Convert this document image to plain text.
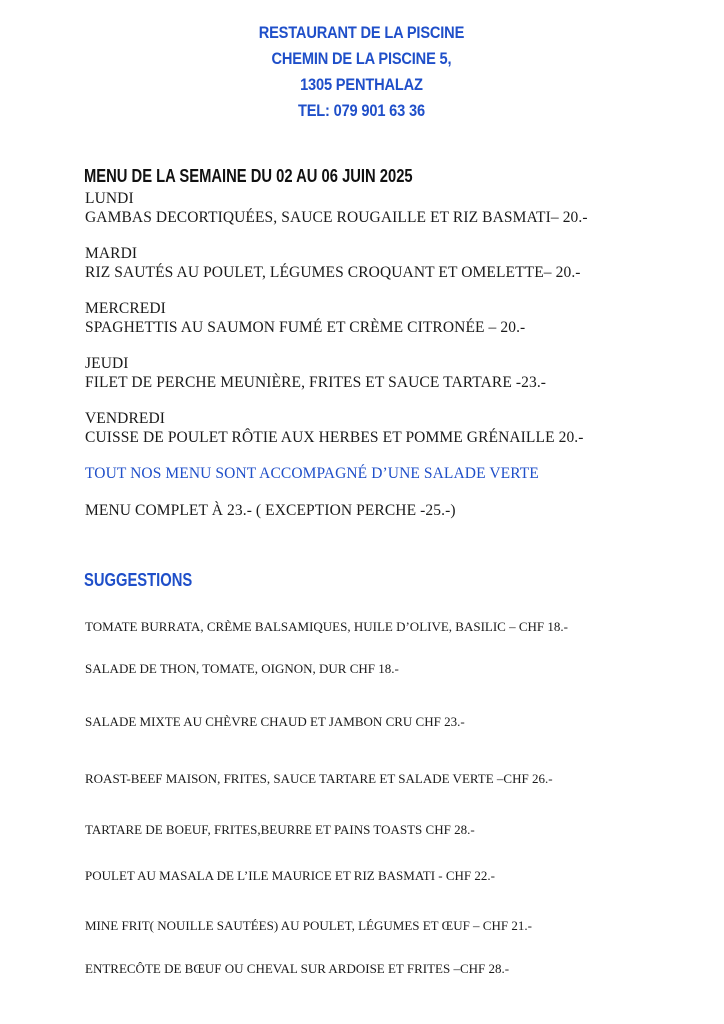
RESTAURANT DE LA PISCINE
CHEMIN DE LA PISCINE 5,
1305 PENTHALAZ
TEL: 079 901 63 36
MENU DE LA SEMAINE DU 02 AU 06 JUIN 2025
LUNDI
GAMBAS DECORTIQUÉES, SAUCE ROUGAILLE ET RIZ BASMATI– 20.-
MARDI
RIZ SAUTÉS AU POULET, LÉGUMES CROQUANT ET OMELETTE– 20.-
MERCREDI
SPAGHETTIS AU SAUMON FUMÉ ET CRÈME CITRONÉE – 20.-
JEUDI
FILET DE PERCHE MEUNIÈRE, FRITES ET SAUCE TARTARE -23.-
VENDREDI
CUISSE DE POULET RÔTIE AUX HERBES ET POMME GRÉNAILLE 20.-
TOUT NOS MENU SONT ACCOMPAGNÉ D’UNE SALADE VERTE
MENU COMPLET À 23.- ( EXCEPTION PERCHE -25.-)
SUGGESTIONS
TOMATE BURRATA, CRÈME BALSAMIQUES, HUILE D’OLIVE, BASILIC – CHF 18.-
SALADE DE THON, TOMATE, OIGNON, DUR CHF 18.-
SALADE MIXTE AU CHÈVRE CHAUD ET JAMBON CRU CHF 23.-
ROAST-BEEF MAISON, FRITES, SAUCE TARTARE ET SALADE VERTE –CHF 26.-
TARTARE DE BOEUF, FRITES,BEURRE ET PAINS TOASTS CHF 28.-
POULET AU MASALA DE L’ILE MAURICE ET RIZ BASMATI - CHF 22.-
MINE FRIT( NOUILLE SAUTÉES) AU POULET, LÉGUMES ET ŒUF – CHF 21.-
ENTRECÔTE DE BŒUF OU CHEVAL SUR ARDOISE ET FRITES –CHF 28.-
